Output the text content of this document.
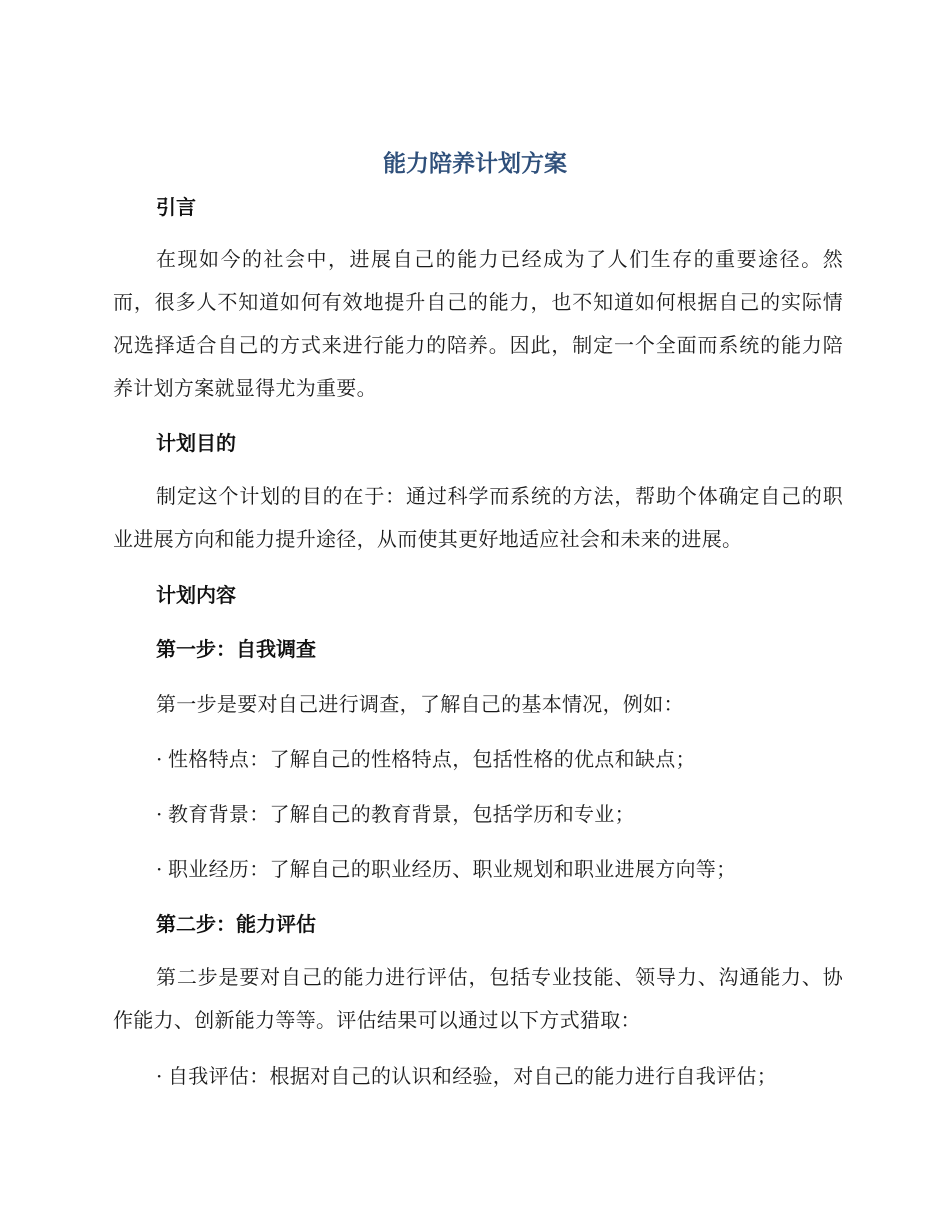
能力陪养计划方案
引言
在现如今的社会中，进展自己的能力已经成为了人们生存的重要途径。然而，很多人不知道如何有效地提升自己的能力，也不知道如何根据自己的实际情况选择适合自己的方式来进行能力的陪养。因此，制定一个全面而系统的能力陪养计划方案就显得尤为重要。
计划目的
制定这个计划的目的在于：通过科学而系统的方法，帮助个体确定自己的职业进展方向和能力提升途径，从而使其更好地适应社会和未来的进展。
计划内容
第一步：自我调查
第一步是要对自己进行调查，了解自己的基本情况，例如：
· 性格特点：了解自己的性格特点，包括性格的优点和缺点；
· 教育背景：了解自己的教育背景，包括学历和专业；
· 职业经历：了解自己的职业经历、职业规划和职业进展方向等；
第二步：能力评估
第二步是要对自己的能力进行评估，包括专业技能、领导力、沟通能力、协作能力、创新能力等等。评估结果可以通过以下方式猎取：
· 自我评估：根据对自己的认识和经验，对自己的能力进行自我评估；
